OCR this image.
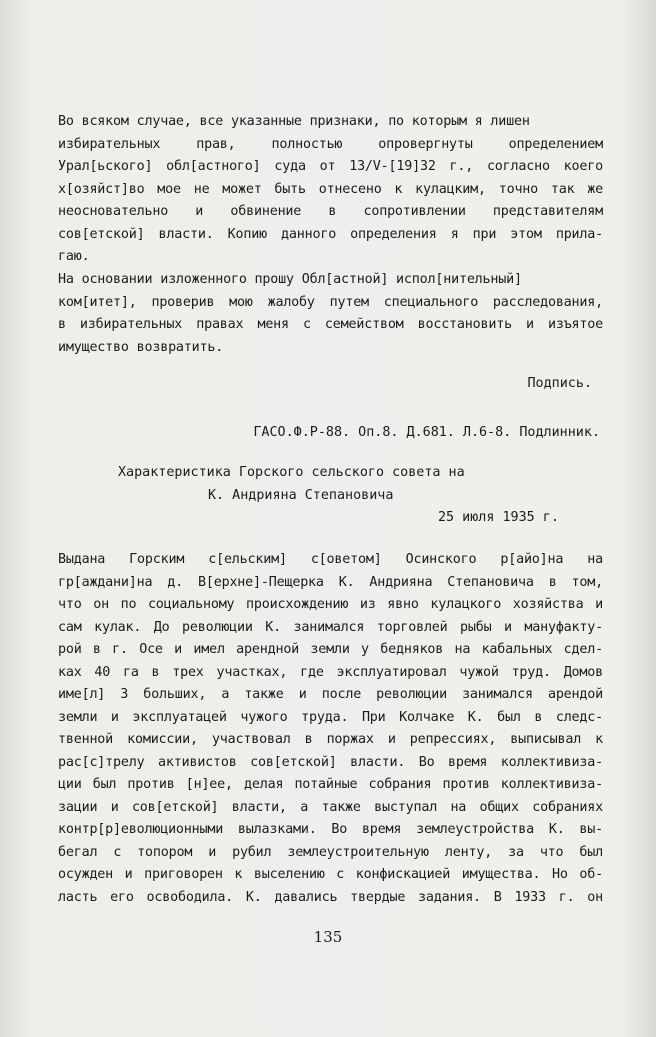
Во всяком случае, все указанные признаки, по которым я лишен
избирательных прав, полностью опровергнуты определением
Урал[ьского] обл[астного] суда от 13/V-[19]32 г., согласно коего
х[озяйст]во мое не может быть отнесено к кулацким, точно так же
неосновательно и обвинение в сопротивлении представителям
сов[етской] власти. Копию данного определения я при этом прила-
гаю.
На основании изложенного прошу Обл[астной] испол[нительный]
ком[итет], проверив мою жалобу путем специального расследования,
в избирательных правах меня с семейством восстановить и изъятое
имущество возвратить.
Подпись.
ГАСО.Ф.Р-88. Оп.8. Д.681. Л.6-8. Подлинник.
Характеристика Горского сельского совета на
К. Андрияна Степановича
25 июля 1935 г.
Выдана Горским с[ельским] с[оветом] Осинского р[айо]на на
гр[аждани]на д. В[ерхне]-Пещерка К. Андрияна Степановича в том,
что он по социальному происхождению из явно кулацкого хозяйства и
сам кулак. До революции К. занимался торговлей рыбы и мануфакту-
рой в г. Осе и имел арендной земли у бедняков на кабальных сдел-
ках 40 га в трех участках, где эксплуатировал чужой труд. Домов
име[л] 3 больших, а также и после революции занимался арендой
земли и эксплуатацей чужого труда. При Колчаке К. был в следс-
твенной комиссии, участвовал в поржах и репрессиях, выписывал к
рас[с]трелу активистов сов[етской] власти. Во время коллективиза-
ции был против [н]ее, делая потайные собрания против коллективиза-
зации и сов[етской] власти, а также выступал на общих собраниях
контр[р]еволюционными вылазками. Во время землеустройства К. вы-
бегал с топором и рубил землеустроительную ленту, за что был
осужден и приговорен к выселению с конфискацией имущества. Но об-
ласть его освободила. К. давались твердые задания. В 1933 г. он
135
